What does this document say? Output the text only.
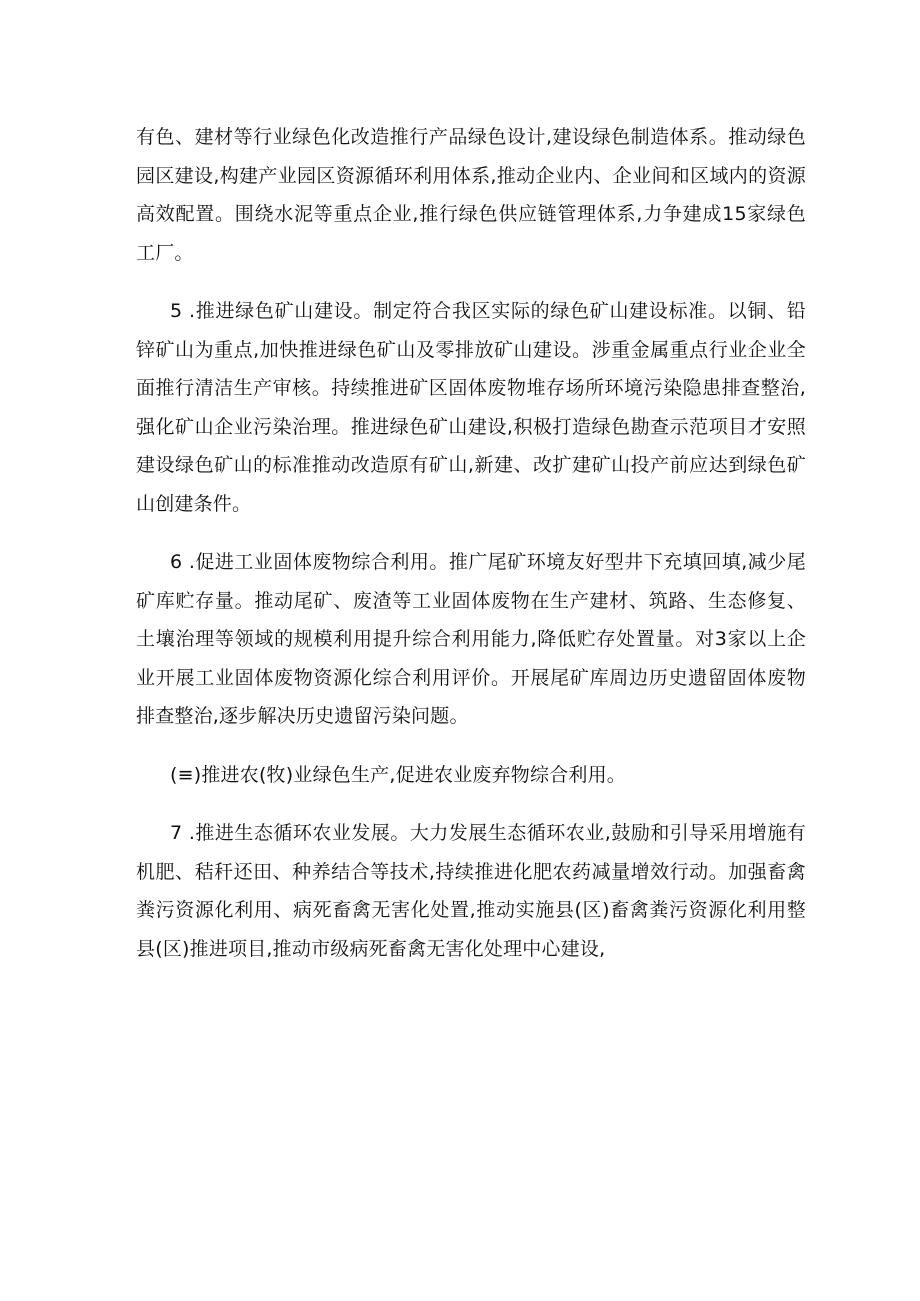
有色、建材等行业绿色化改造推行产品绿色设计,建设绿色制造体系。推动绿色园区建设,构建产业园区资源循环利用体系,推动企业内、企业间和区域内的资源高效配置。围绕水泥等重点企业,推行绿色供应链管理体系,力争建成15家绿色工厂。

5 .推进绿色矿山建设。制定符合我区实际的绿色矿山建设标准。以铜、铅锌矿山为重点,加快推进绿色矿山及零排放矿山建设。涉重金属重点行业企业全面推行清洁生产审核。持续推进矿区固体废物堆存场所环境污染隐患排查整治,强化矿山企业污染治理。推进绿色矿山建设,积极打造绿色勘查示范项目才安照建设绿色矿山的标准推动改造原有矿山,新建、改扩建矿山投产前应达到绿色矿山创建条件。

6 .促进工业固体废物综合利用。推广尾矿环境友好型井下充填回填,减少尾矿库贮存量。推动尾矿、废渣等工业固体废物在生产建材、筑路、生态修复、土壤治理等领域的规模利用提升综合利用能力,降低贮存处置量。对3家以上企业开展工业固体废物资源化综合利用评价。开展尾矿库周边历史遗留固体废物排查整治,逐步解决历史遗留污染问题。

(≡)推进农(牧)业绿色生产,促进农业废弃物综合利用。

7 .推进生态循环农业发展。大力发展生态循环农业,鼓励和引导采用增施有机肥、秸秆还田、种养结合等技术,持续推进化肥农药减量增效行动。加强畜禽粪污资源化利用、病死畜禽无害化处置,推动实施县(区)畜禽粪污资源化利用整县(区)推进项目,推动市级病死畜禽无害化处理中心建设,
